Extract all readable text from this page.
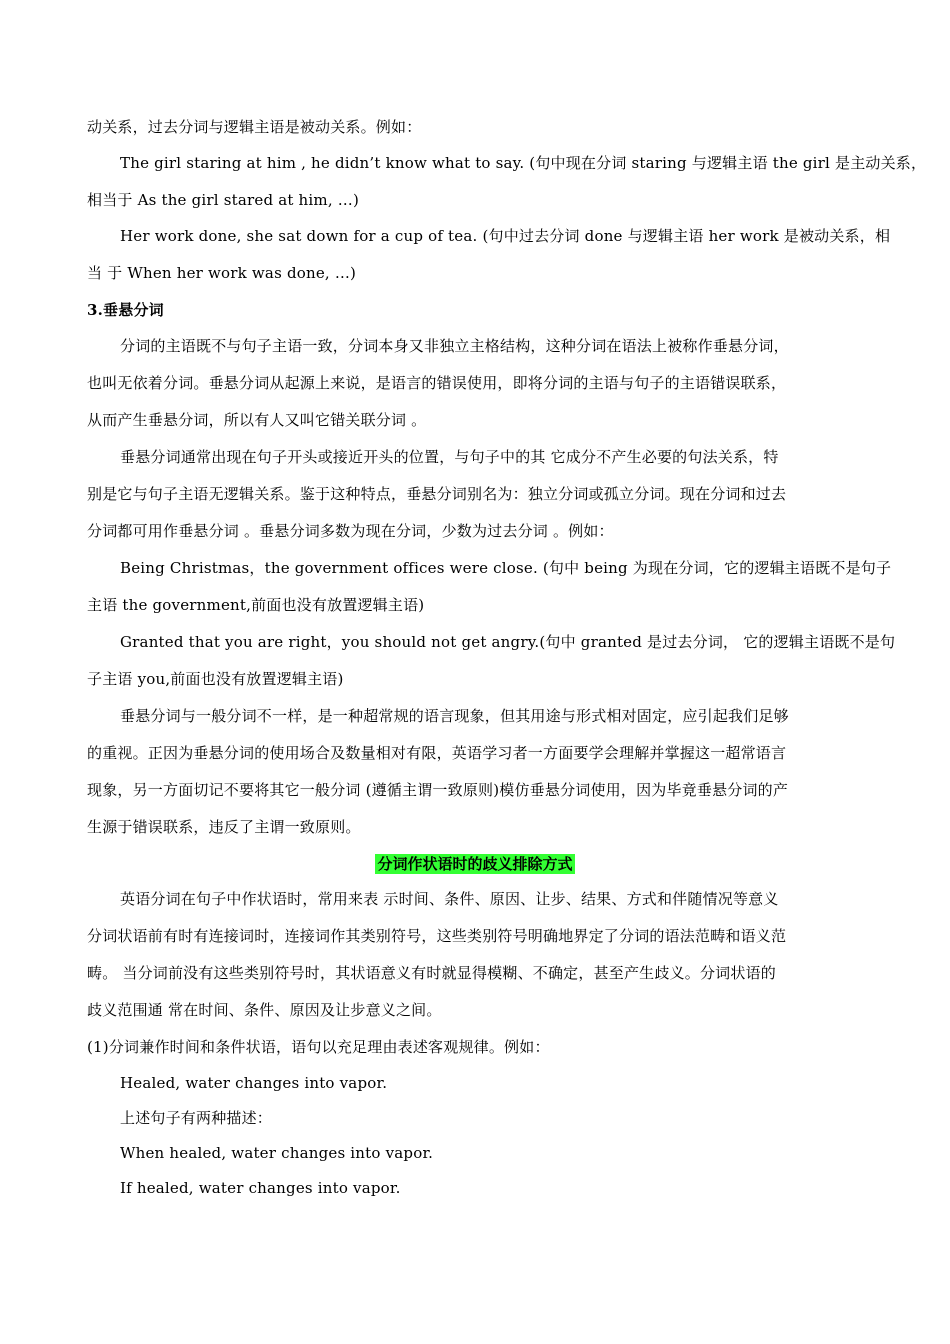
动关系，过去分词与逻辑主语是被动关系。例如：
The girl staring at him , he didn’t know what to say. (句中现在分词 staring 与逻辑主语 the girl 是主动关系，
相当于 As the girl stared at him, …)
Her work done, she sat down for a cup of tea. (句中过去分词 done 与逻辑主语 her work 是被动关系，相
当 于 When her work was done, …)
3.垂悬分词
分词的主语既不与句子主语一致，分词本身又非独立主格结构，这种分词在语法上被称作垂悬分词，
也叫无依着分词。垂悬分词从起源上来说，是语言的错误使用，即将分词的主语与句子的主语错误联系，
从而产生垂悬分词，所以有人又叫它错关联分词 。
垂悬分词通常出现在句子开头或接近开头的位置，与句子中的其 它成分不产生必要的句法关系，特
别是它与句子主语无逻辑关系。鉴于这种特点，垂悬分词别名为：独立分词或孤立分词。现在分词和过去
分词都可用作垂悬分词 。垂悬分词多数为现在分词，少数为过去分词 。例如：
Being Christmas，the government offices were close. (句中 being 为现在分词，它的逻辑主语既不是句子
主语 the government,前面也没有放置逻辑主语)
Granted that you are right，you should not get angry.(句中 granted 是过去分词， 它的逻辑主语既不是句
子主语 you,前面也没有放置逻辑主语)
垂悬分词与一般分词不一样，是一种超常规的语言现象，但其用途与形式相对固定，应引起我们足够
的重视。正因为垂悬分词的使用场合及数量相对有限，英语学习者一方面要学会理解并掌握这一超常语言
现象，另一方面切记不要将其它一般分词 (遵循主谓一致原则)模仿垂悬分词使用，因为毕竟垂悬分词的产
生源于错误联系，违反了主谓一致原则。
分词作状语时的歧义排除方式
英语分词在句子中作状语时，常用来表 示时间、条件、原因、让步、结果、方式和伴随情况等意义
分词状语前有时有连接词时，连接词作其类别符号，这些类别符号明确地界定了分词的语法范畴和语义范
畴。 当分词前没有这些类别符号时，其状语意义有时就显得模糊、不确定，甚至产生歧义。分词状语的
歧义范围通 常在时间、条件、原因及让步意义之间。
(1)分词兼作时间和条件状语，语句以充足理由表述客观规律。例如：
Healed, water changes into vapor.
上述句子有两种描述：
When healed, water changes into vapor.
If healed, water changes into vapor.
